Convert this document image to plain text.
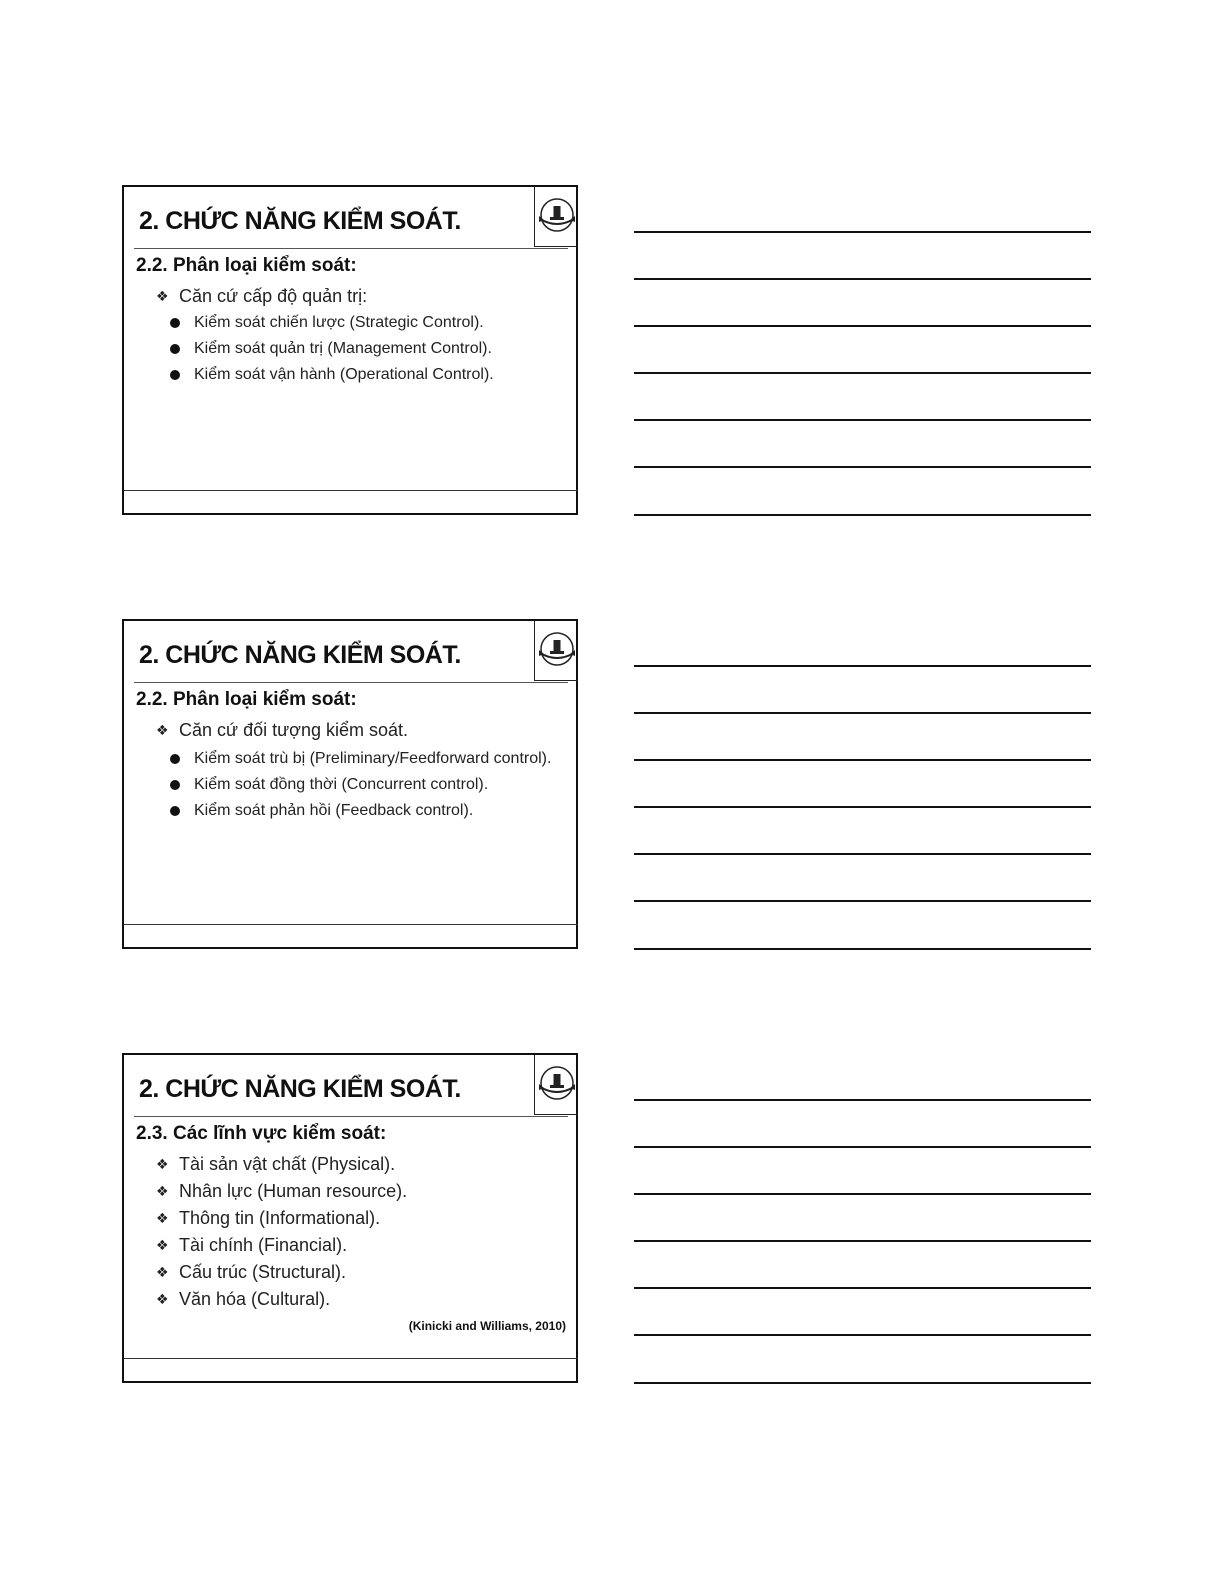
2. CHỨC NĂNG KIỂM SOÁT.
2.2. Phân loại kiểm soát:
❖ Căn cứ cấp độ quản trị:
Kiểm soát chiến lược (Strategic Control).
Kiểm soát quản trị (Management Control).
Kiểm soát vận hành (Operational Control).
2. CHỨC NĂNG KIỂM SOÁT.
2.2. Phân loại kiểm soát:
❖ Căn cứ đối tượng kiểm soát.
Kiểm soát trù bị (Preliminary/Feedforward control).
Kiểm soát đồng thời (Concurrent control).
Kiểm soát phản hồi (Feedback control).
2. CHỨC NĂNG KIỂM SOÁT.
2.3. Các lĩnh vực kiểm soát:
❖ Tài sản vật chất (Physical).
❖ Nhân lực (Human resource).
❖ Thông tin (Informational).
❖ Tài chính (Financial).
❖ Cấu trúc (Structural).
❖ Văn hóa (Cultural).
(Kinicki and Williams, 2010)
